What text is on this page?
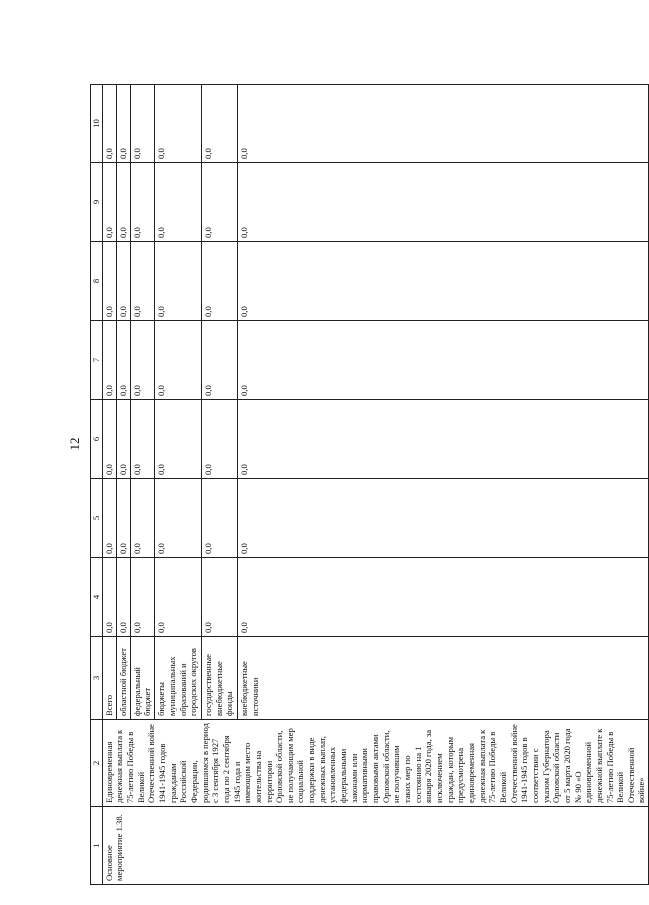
12
1	2	3	4	5	6	7	8	9	10
Основное мероприятие 1.38.	Единовременная денежная выплата к 75-летию Победы в Великой Отечественной войне 1941-1945 годов гражданам Российской Федерации, родившимся в период с 3 сентября 1927 года по 2 сентября 1945 года и имеющим место жительства на территории Орловской области, не получающим мер социальной поддержки в виде денежных выплат, установленных федеральными законами или нормативными правовыми актами Орловской области, не получившим таких мер по состоянию на 1 января 2020 года, за исключением граждан, которым предусмотрена единовременная денежная выплата к 75-летию Победы в Великой Отечественной войне 1941-1945 годов в соответствии с указом Губернатора Орловской области от 5 марта 2020 года № 90 «О единовременной денежной выплате к 75-летию Победы в Великой Отечественной войне»	Всего	0,0	0,0	0,0	0,0	0,0	0,0	0,0
		областной бюджет	0,0	0,0	0,0	0,0	0,0	0,0	0,0
		федеральный бюджет	0,0	0,0	0,0	0,0	0,0	0,0	0,0
		бюджеты муниципальных образований и городских округов	0,0	0,0	0,0	0,0	0,0	0,0	0,0
		государственные внебюджетные фонды	0,0	0,0	0,0	0,0	0,0	0,0	0,0
		внебюджетные источники	0,0	0,0	0,0	0,0	0,0	0,0	0,0
